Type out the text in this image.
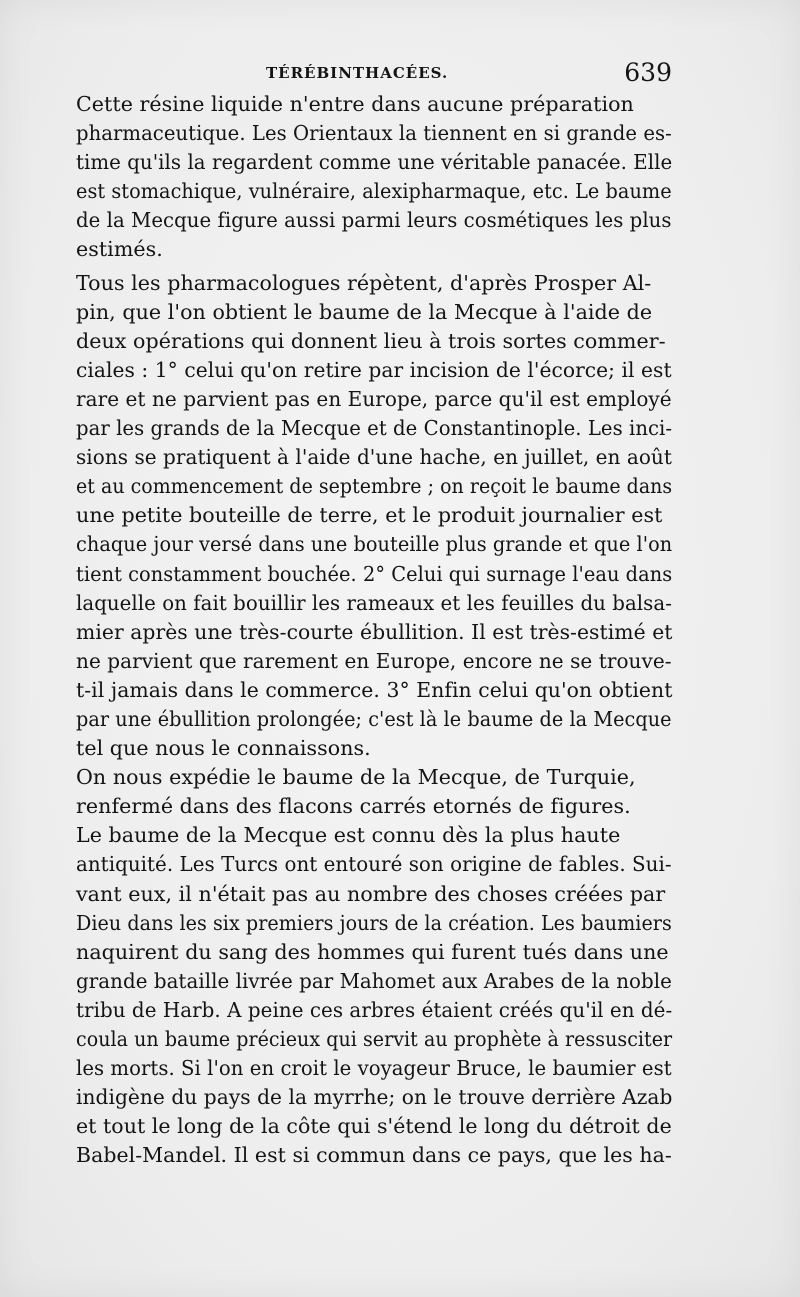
TÉRÉBINTHACÉES.	639
Cette résine liquide n'entre dans aucune préparation
pharmaceutique. Les Orientaux la tiennent en si grande es-
time qu'ils la regardent comme une véritable panacée. Elle
est stomachique, vulnéraire, alexipharmaque, etc. Le baume
de la Mecque figure aussi parmi leurs cosmétiques les plus
estimés.
Tous les pharmacologues répètent, d'après Prosper Al-
pin, que l'on obtient le baume de la Mecque à l'aide de
deux opérations qui donnent lieu à trois sortes commer-
ciales : 1° celui qu'on retire par incision de l'écorce; il est
rare et ne parvient pas en Europe, parce qu'il est employé
par les grands de la Mecque et de Constantinople. Les inci-
sions se pratiquent à l'aide d'une hache, en juillet, en août
et au commencement de septembre ; on reçoit le baume dans
une petite bouteille de terre, et le produit journalier est
chaque jour versé dans une bouteille plus grande et que l'on
tient constamment bouchée. 2° Celui qui surnage l'eau dans
laquelle on fait bouillir les rameaux et les feuilles du balsa-
mier après une très-courte ébullition. Il est très-estimé et
ne parvient que rarement en Europe, encore ne se trouve-
t-il jamais dans le commerce. 3° Enfin celui qu'on obtient
par une ébullition prolongée; c'est là le baume de la Mecque
tel que nous le connaissons.
On nous expédie le baume de la Mecque, de Turquie,
renfermé dans des flacons carrés etornés de figures.
Le baume de la Mecque est connu dès la plus haute
antiquité. Les Turcs ont entouré son origine de fables. Sui-
vant eux, il n'était pas au nombre des choses créées par
Dieu dans les six premiers jours de la création. Les baumiers
naquirent du sang des hommes qui furent tués dans une
grande bataille livrée par Mahomet aux Arabes de la noble
tribu de Harb. A peine ces arbres étaient créés qu'il en dé-
coula un baume précieux qui servit au prophète à ressusciter
les morts. Si l'on en croit le voyageur Bruce, le baumier est
indigène du pays de la myrrhe; on le trouve derrière Azab
et tout le long de la côte qui s'étend le long du détroit de
Babel-Mandel. Il est si commun dans ce pays, que les ha-
